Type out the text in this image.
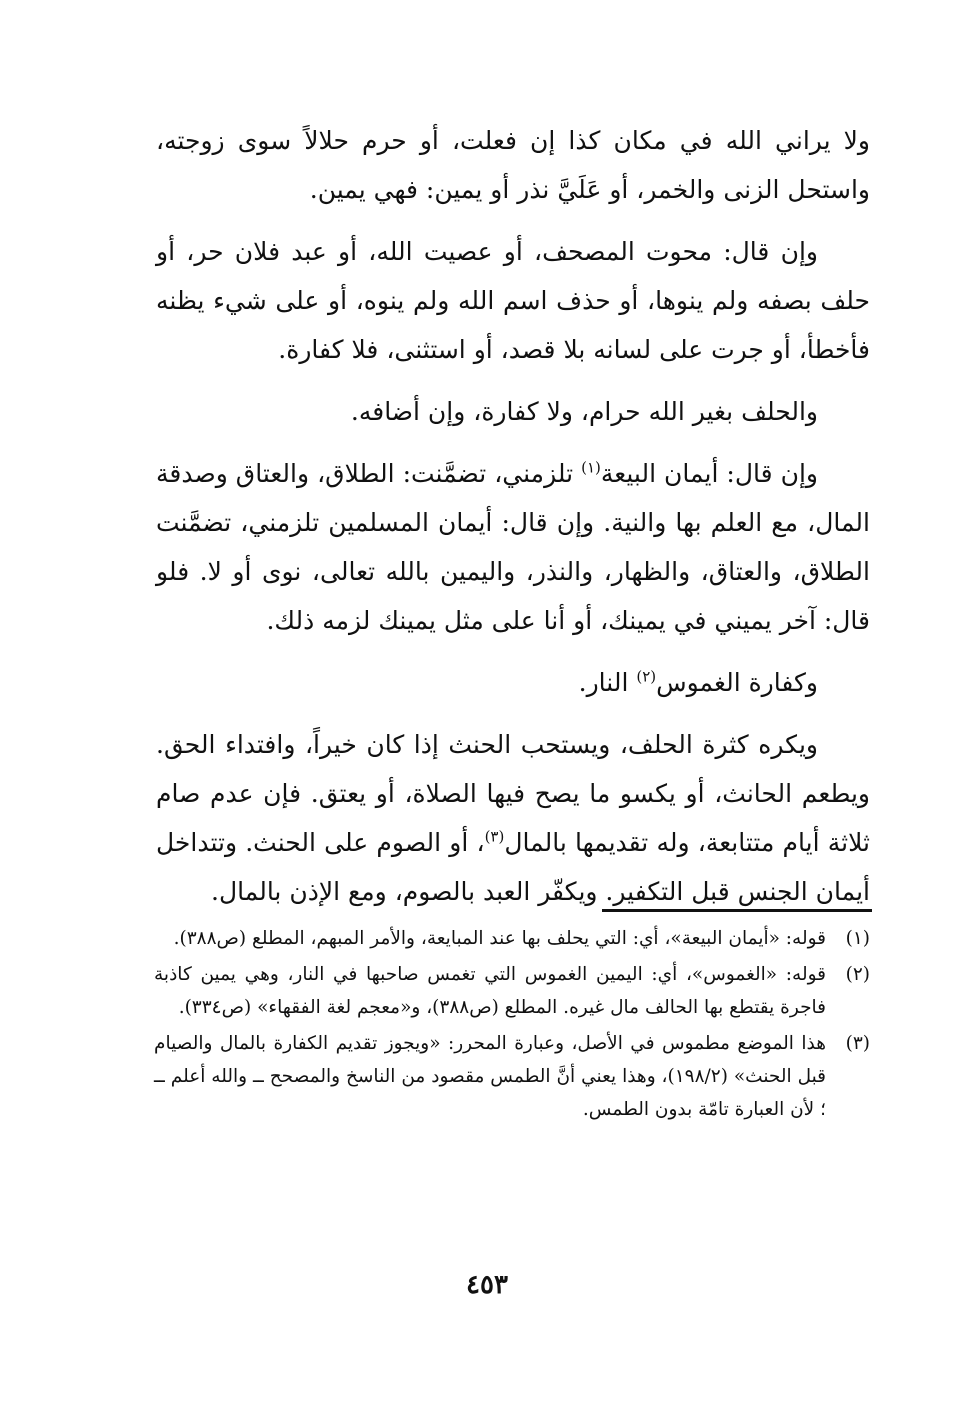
ولا يراني الله في مكان كذا إن فعلت، أو حرم حلالاً سوى زوجته، واستحل الزنى والخمر، أو عَلَيَّ نذر أو يمين: فهي يمين.

وإن قال: محوت المصحف، أو عصيت الله، أو عبد فلان حر، أو حلف بصفه ولم ينوها، أو حذف اسم الله ولم ينوه، أو على شيء يظنه فأخطأ، أو جرت على لسانه بلا قصد، أو استثنى، فلا كفارة.

والحلف بغير الله حرام، ولا كفارة، وإن أضافه.

وإن قال: أيمان البيعة$^{(١)}$ تلزمني، تضمَّنت: الطلاق، والعتاق وصدقة المال، مع العلم بها والنية. وإن قال: أيمان المسلمين تلزمني، تضمَّنت الطلاق، والعتاق، والظهار، والنذر، واليمين بالله تعالى، نوى أو لا. فلو قال: آخر يميني في يمينك، أو أنا على مثل يمينك لزمه ذلك.

وكفارة الغموس$^{(٢)}$ النار.

ويكره كثرة الحلف، ويستحب الحنث إذا كان خيراً، وافتداء الحق. ويطعم الحانث، أو يكسو ما يصح فيها الصلاة، أو يعتق. فإن عدم صام ثلاثة أيام متتابعة، وله تقديمها بالمال$^{(٣)}$، أو الصوم على الحنث. وتتداخل أيمان الجنس قبل التكفير. ويكفّر العبد بالصوم، ومع الإذن بالمال.

(١)
قوله: «أيمان البيعة»، أي: التي يحلف بها عند المبايعة، والأمر المبهم، المطلع (ص٣٨٨).
(٢)
قوله: «الغموس»، أي: اليمين الغموس التي تغمس صاحبها في النار، وهي يمين كاذبة فاجرة يقتطع بها الحالف مال غيره. المطلع (ص٣٨٨)، و«معجم لغة الفقهاء» (ص٣٣٤).
(٣)
هذا الموضع مطموس في الأصل، وعبارة المحرر: «ويجوز تقديم الكفارة بالمال والصيام قبل الحنث» (١٩٨/٢)، وهذا يعني أنَّ الطمس مقصود من الناسخ والمصحح ــ والله أعلم ــ ؛ لأن العبارة تامّة بدون الطمس.
٤٥٣
